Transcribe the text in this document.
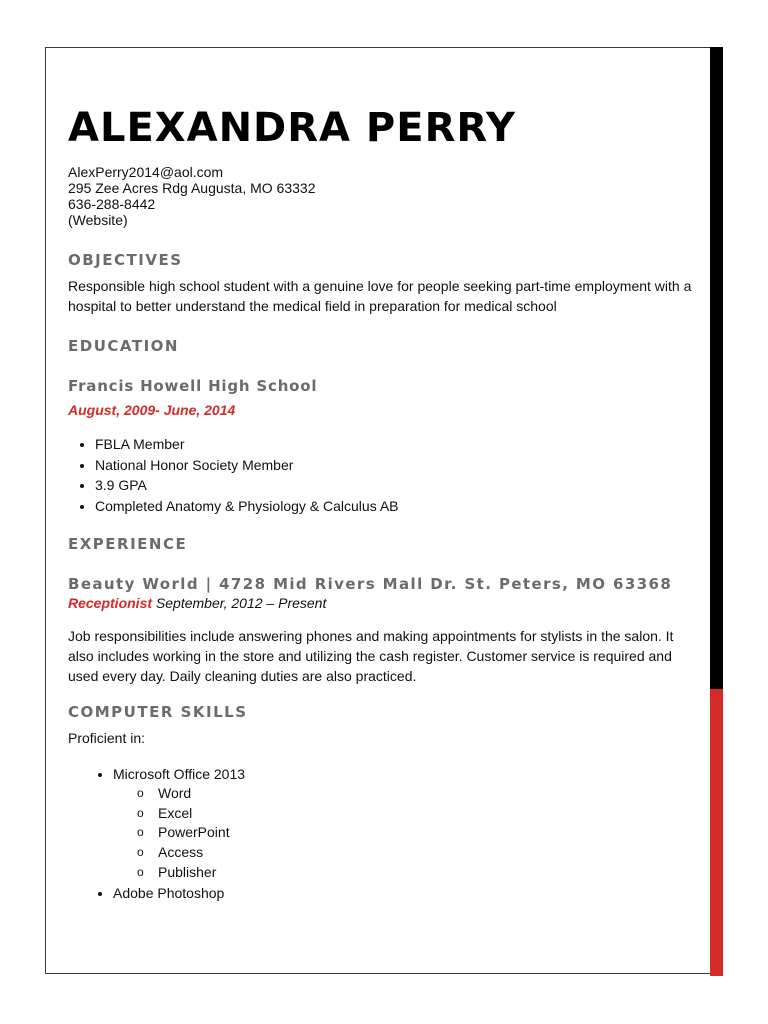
ALEXANDRA PERRY
AlexPerry2014@aol.com
295 Zee Acres Rdg Augusta, MO 63332
636-288-8442
(Website)
OBJECTIVES
Responsible high school student with a genuine love for people seeking part-time employment with a hospital to better understand the medical field in preparation for medical school
EDUCATION
Francis Howell High School
August, 2009- June, 2014
• FBLA Member
• National Honor Society Member
• 3.9 GPA
• Completed Anatomy & Physiology & Calculus AB
EXPERIENCE
Beauty World | 4728 Mid Rivers Mall Dr. St. Peters, MO 63368
Receptionist September, 2012 – Present
Job responsibilities include answering phones and making appointments for stylists in the salon. It also includes working in the store and utilizing the cash register. Customer service is required and used every day. Daily cleaning duties are also practiced.
COMPUTER SKILLS
Proficient in:
• Microsoft Office 2013
o Word
o Excel
o PowerPoint
o Access
o Publisher
• Adobe Photoshop
